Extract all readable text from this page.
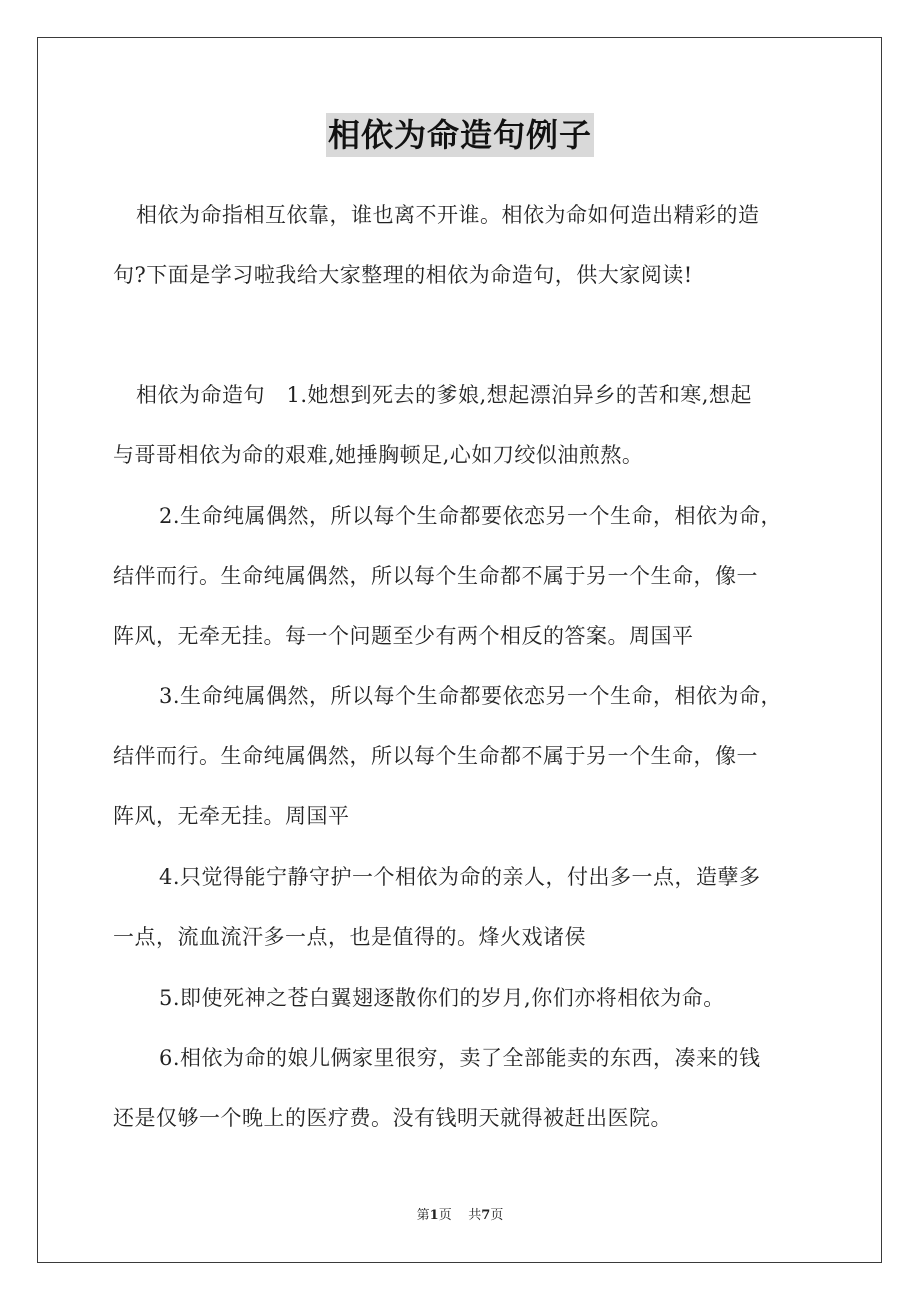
相依为命造句例子
相依为命指相互依靠，谁也离不开谁。相依为命如何造出精彩的造
句?下面是学习啦我给大家整理的相依为命造句，供大家阅读!
相依为命造句　1.她想到死去的爹娘,想起漂泊异乡的苦和寒,想起
与哥哥相依为命的艰难,她捶胸顿足,心如刀绞似油煎熬。
2.生命纯属偶然，所以每个生命都要依恋另一个生命，相依为命，
结伴而行。生命纯属偶然，所以每个生命都不属于另一个生命，像一
阵风，无牵无挂。每一个问题至少有两个相反的答案。周国平
3.生命纯属偶然，所以每个生命都要依恋另一个生命，相依为命，
结伴而行。生命纯属偶然，所以每个生命都不属于另一个生命，像一
阵风，无牵无挂。周国平
4.只觉得能宁静守护一个相依为命的亲人，付出多一点，造孽多
一点，流血流汗多一点，也是值得的。烽火戏诸侯
5.即使死神之苍白翼翅逐散你们的岁月,你们亦将相依为命。
6.相依为命的娘儿俩家里很穷，卖了全部能卖的东西，凑来的钱
还是仅够一个晚上的医疗费。没有钱明天就得被赶出医院。
第1页 共7页
